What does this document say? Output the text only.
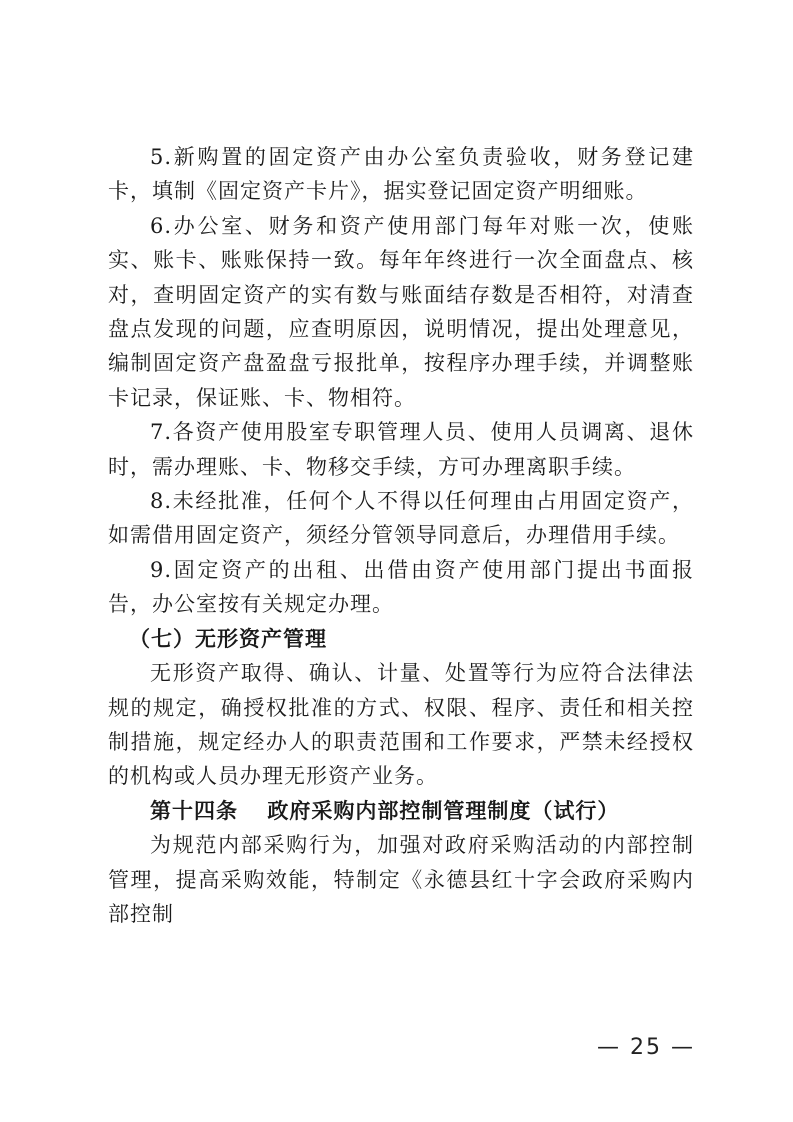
5.新购置的固定资产由办公室负责验收，财务登记建卡，填制《固定资产卡片》，据实登记固定资产明细账。

6.办公室、财务和资产使用部门每年对账一次，使账实、账卡、账账保持一致。每年年终进行一次全面盘点、核对，查明固定资产的实有数与账面结存数是否相符，对清查盘点发现的问题，应查明原因，说明情况，提出处理意见，编制固定资产盘盈盘亏报批单，按程序办理手续，并调整账卡记录，保证账、卡、物相符。

7.各资产使用股室专职管理人员、使用人员调离、退休时，需办理账、卡、物移交手续，方可办理离职手续。

8.未经批准，任何个人不得以任何理由占用固定资产，如需借用固定资产，须经分管领导同意后，办理借用手续。

9.固定资产的出租、出借由资产使用部门提出书面报告，办公室按有关规定办理。

（七）无形资产管理

无形资产取得、确认、计量、处置等行为应符合法律法规的规定，确授权批准的方式、权限、程序、责任和相关控制措施，规定经办人的职责范围和工作要求，严禁未经授权的机构或人员办理无形资产业务。

第十四条 政府采购内部控制管理制度（试行）

为规范内部采购行为，加强对政府采购活动的内部控制管理，提高采购效能，特制定《永德县红十字会政府采购内部控制

— 25 —
